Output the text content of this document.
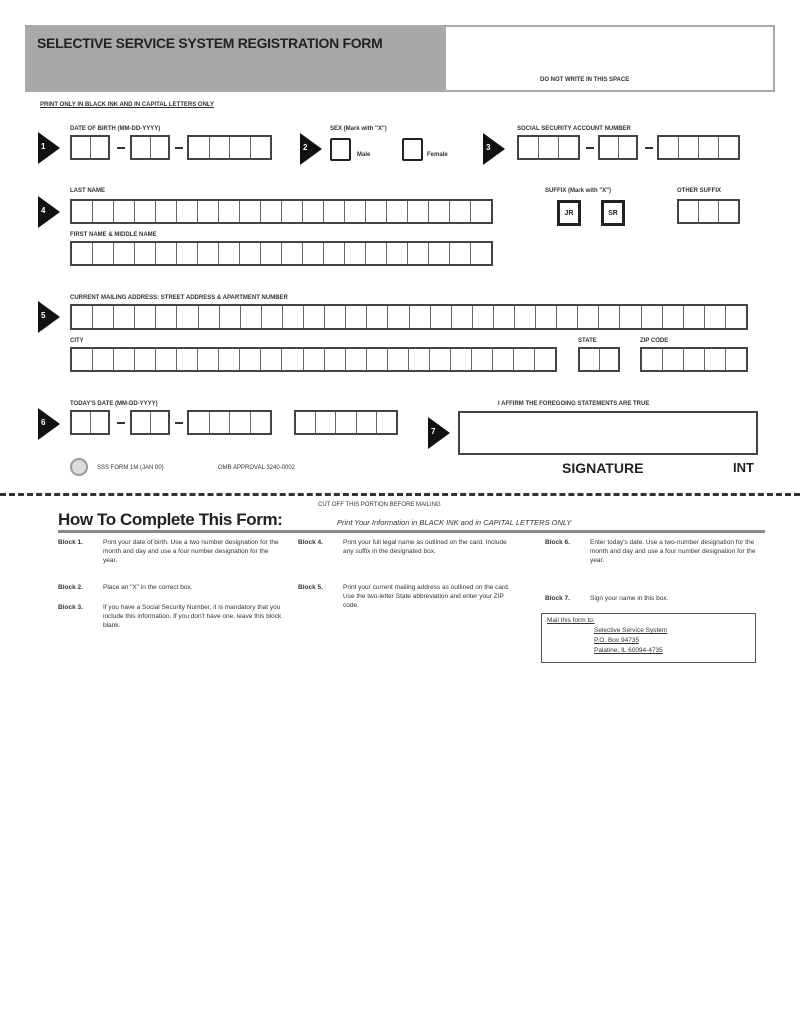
SELECTIVE SERVICE SYSTEM REGISTRATION FORM
DO NOT WRITE IN THIS SPACE
PRINT ONLY IN BLACK INK AND IN CAPITAL LETTERS ONLY
1
DATE OF BIRTH (MM-DD-YYYY)
2
SEX (Mark with "X")
Male	Female
3
SOCIAL SECURITY ACCOUNT NUMBER
4
LAST NAME
FIRST NAME & MIDDLE NAME
SUFFIX (Mark with "X")
JR	SR
OTHER SUFFIX
5
CURRENT MAILING ADDRESS: STREET ADDRESS & APARTMENT NUMBER
CITY	STATE	ZIP CODE
6
TODAY'S DATE (MM-DD-YYYY)
7
I AFFIRM THE FOREGOING STATEMENTS ARE TRUE
SSS FORM 1M (JAN 00)	OMB APPROVAL 3240-0002	SIGNATURE	INT
CUT OFF THIS PORTION BEFORE MAILING
How To Complete This Form:	Print Your Information in BLACK INK and in CAPITAL LETTERS ONLY
Block 1.	Print your date of birth. Use a two number designation for the month and day and use a four number designation for the year.
Block 2.	Place an "X" in the correct box.
Block 3.	If you have a Social Security Number, it is mandatory that you include this information. If you don't have one, leave this block blank.
Block 4.	Print your full legal name as outlined on the card. Include any suffix in the designated box.
Block 5.	Print your current mailing address as outlined on the card. Use the two-letter State abbreviation and enter your ZIP code.
Block 6.	Enter today's date. Use a two-number designation for the month and day and use a four number designation for the year.
Block 7.	Sign your name in this box.
Mail this form to:
Selective Service System
P.O. Box 94735
Palatine, IL 60094-4735
